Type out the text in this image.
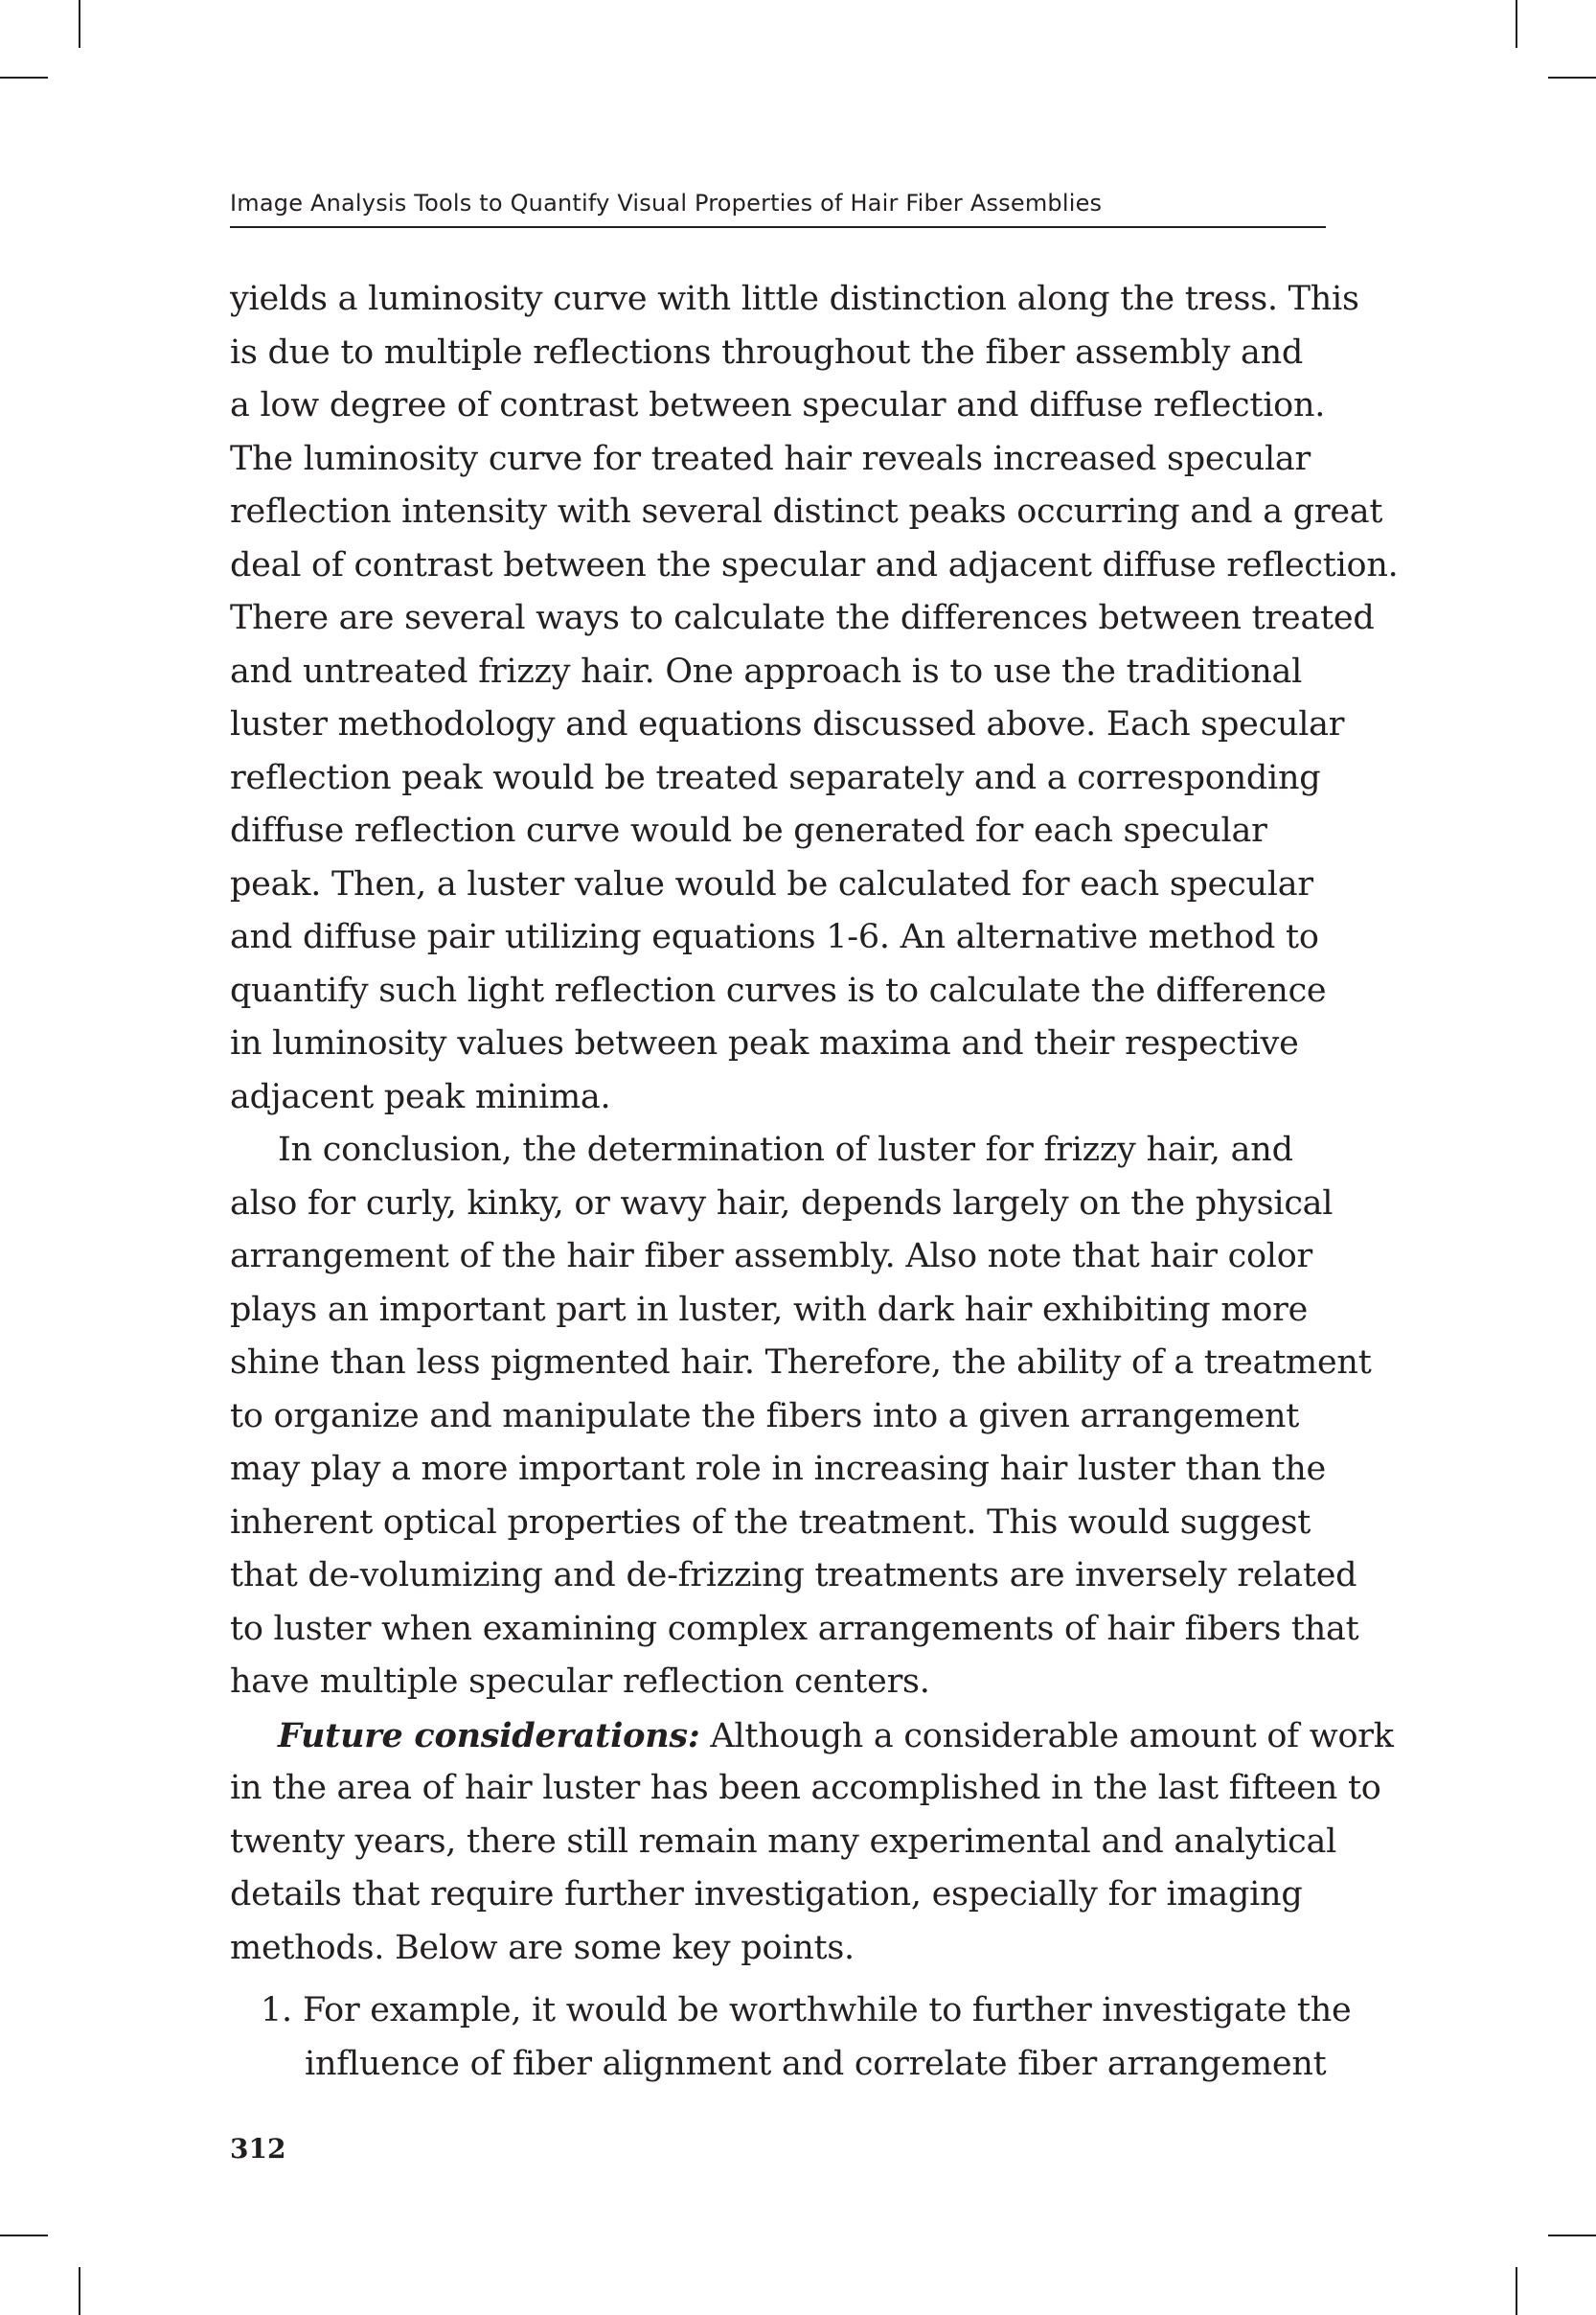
Image Analysis Tools to Quantify Visual Properties of Hair Fiber Assemblies
yields a luminosity curve with little distinction along the tress. This
is due to multiple reflections throughout the fiber assembly and
a low degree of contrast between specular and diffuse reflection.
The luminosity curve for treated hair reveals increased specular
reflection intensity with several distinct peaks occurring and a great
deal of contrast between the specular and adjacent diffuse reflection.
There are several ways to calculate the differences between treated
and untreated frizzy hair. One approach is to use the traditional
luster methodology and equations discussed above. Each specular
reflection peak would be treated separately and a corresponding
diffuse reflection curve would be generated for each specular
peak. Then, a luster value would be calculated for each specular
and diffuse pair utilizing equations 1-6. An alternative method to
quantify such light reflection curves is to calculate the difference
in luminosity values between peak maxima and their respective
adjacent peak minima.
In conclusion, the determination of luster for frizzy hair, and
also for curly, kinky, or wavy hair, depends largely on the physical
arrangement of the hair fiber assembly. Also note that hair color
plays an important part in luster, with dark hair exhibiting more
shine than less pigmented hair. Therefore, the ability of a treatment
to organize and manipulate the fibers into a given arrangement
may play a more important role in increasing hair luster than the
inherent optical properties of the treatment. This would suggest
that de-volumizing and de-frizzing treatments are inversely related
to luster when examining complex arrangements of hair fibers that
have multiple specular reflection centers.
Future considerations: Although a considerable amount of work
in the area of hair luster has been accomplished in the last fifteen to
twenty years, there still remain many experimental and analytical
details that require further investigation, especially for imaging
methods. Below are some key points.
1. For example, it would be worthwhile to further investigate the
influence of fiber alignment and correlate fiber arrangement
312
